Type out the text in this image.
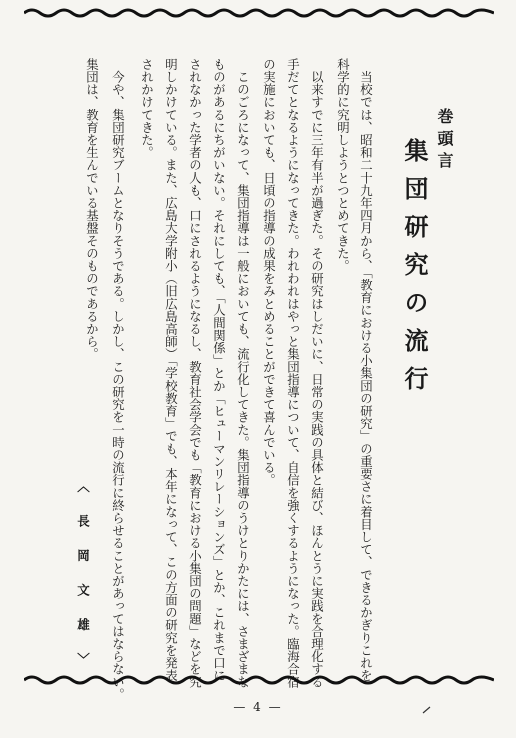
巻頭言
集団研究の流行
　当校では、昭和二十九年四月から、「教育における小集団の研究」の重要さに着目して、できるかぎりこれを
科学的に究明しようとつとめてきた。
　以来すでに三年有半が過ぎた。その研究はしだいに、日常の実践の具体と結び、ほんとうに実践を合理化する
手だてとなるようになってきた。われわれはやっと集団指導について、自信を強くするようになった。臨海合宿
の実施においても、日頃の指導の成果をみとめることができて喜んでいる。
　このごろになって、集団指導は一般においても、流行化してきた。集団指導のうけとりかたには、さまざまな
ものがあるにちがいない。それにしても、「人間関係」とか「ヒューマンリレーションズ」とか、これまで口に
されなかった学者の人も、口にされるようになるし、教育社会学会でも「教育における小集団の問題」などを究
明しかけている。また、広島大学附小（旧広島高師）「学校教育」でも、本年になって、この方面の研究を発表
されかけてきた。
　今や、集団研究ブームとなりそうである。しかし、この研究を一時の流行に終らせることがあってはならない。
集団は、教育を生んでいる基盤そのものであるから。
〈長岡文雄〉
— 4 —
